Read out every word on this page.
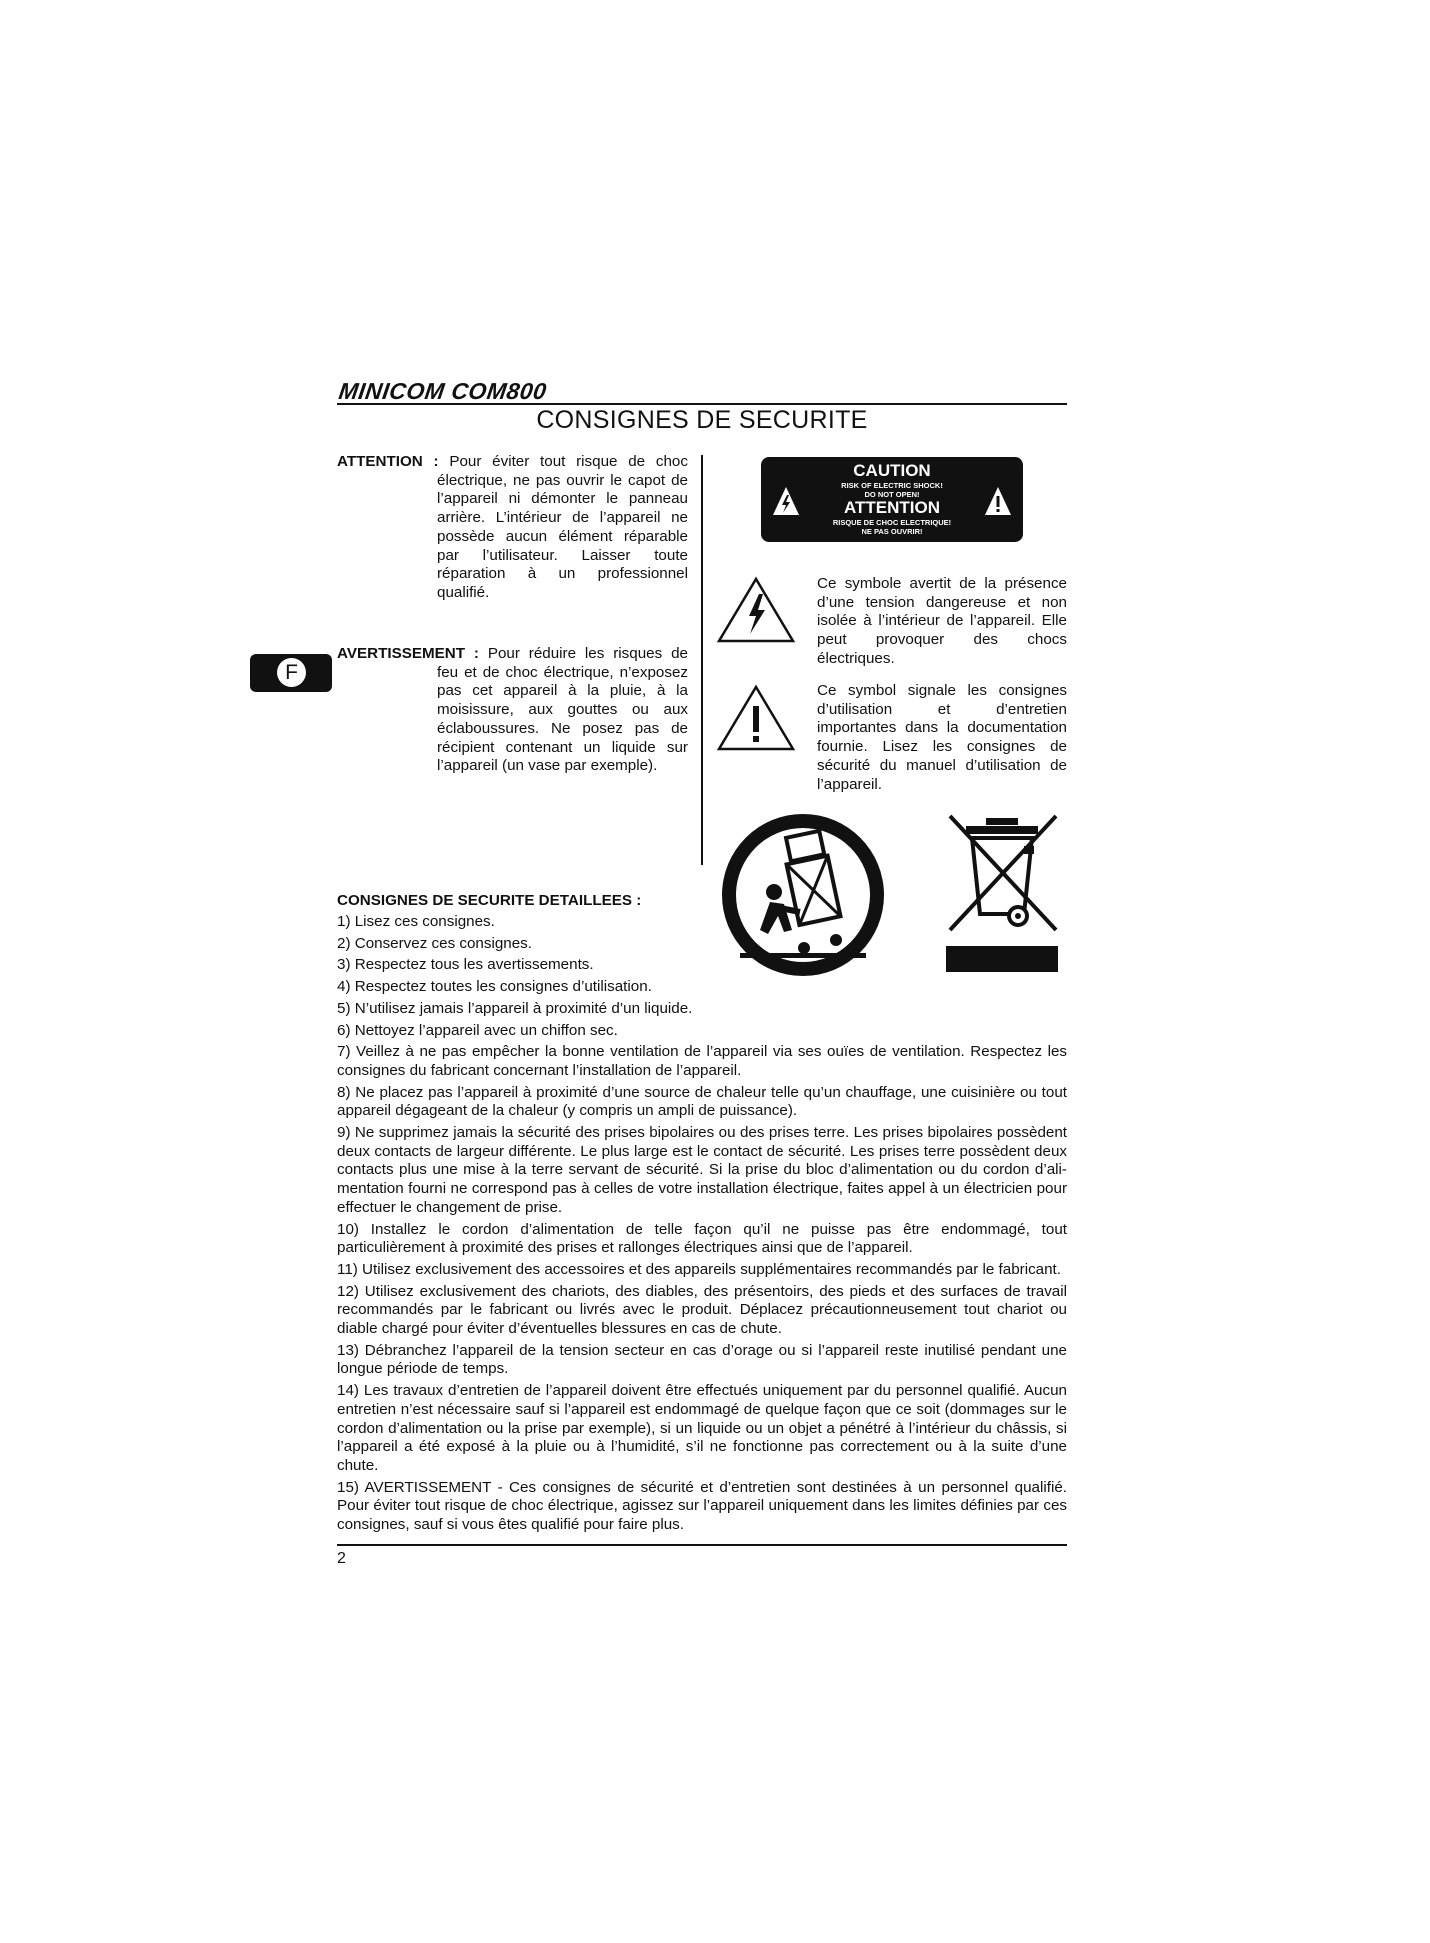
MINICOM COM800
CONSIGNES DE SECURITE
F
ATTENTION : Pour éviter tout risque de choc
électrique, ne pas ouvrir le capot de l’appareil ni démonter le panneau arrière. L’intérieur de l’appareil ne possède aucun élément réparable par l’utilisateur. Laisser toute réparation à un professionnel qualifié.
AVERTISSEMENT : Pour réduire les risques de
feu et de choc électrique, n’exposez pas cet appareil à la pluie, à la moisissure, aux gouttes ou aux éclaboussures. Ne posez pas de récipient contenant un liquide sur l’appareil (un vase par exemple).
CAUTION
RISK OF ELECTRIC SHOCK!
DO NOT OPEN!
ATTENTION
RISQUE DE CHOC ELECTRIQUE!
NE PAS OUVRIR!
Ce symbole avertit de la présence d’une tension dangereuse et non isolée à l’intérieur de l’appareil. Elle peut provoquer des chocs électriques.
Ce symbol signale les consignes d’utilisation et d’entretien importantes dans la documentation fournie. Lisez les consignes de sécurité du manuel d’utilisation de l’appareil.
CONSIGNES DE SECURITE DETAILLEES :
1) Lisez ces consignes.
2) Conservez ces consignes.
3) Respectez tous les avertissements.
4) Respectez toutes les consignes d’utilisation.
5) N’utilisez jamais l’appareil à proximité d’un liquide.
6) Nettoyez l’appareil avec un chiffon sec.
7) Veillez à ne pas empêcher la bonne ventilation de l’appareil via ses ouïes de ventilation. Respectez les consignes du fabricant concernant l’installation de l’appareil.
8) Ne placez pas l’appareil à proximité d’une source de chaleur telle qu’un chauffage, une cuisinière ou tout appareil dégageant de la chaleur (y compris un ampli de puissance).
9) Ne supprimez jamais la sécurité des prises bipolaires ou des prises terre. Les prises bipolaires possèdent deux contacts de largeur différente. Le plus large est le contact de sécurité. Les prises terre possèdent deux contacts plus une mise à la terre servant de sécurité. Si la prise du bloc d’alimentation ou du cordon d’ali-mentation fourni ne correspond pas à celles de votre installation électrique, faites appel à un électricien pour effectuer le changement de prise.
10) Installez le cordon d’alimentation de telle façon qu’il ne puisse pas être endommagé, tout particulièrement à proximité des prises et rallonges électriques ainsi que de l’appareil.
11) Utilisez exclusivement des accessoires et des appareils supplémentaires recommandés par le fabricant.
12) Utilisez exclusivement des chariots, des diables, des présentoirs, des pieds et des surfaces de travail recommandés par le fabricant ou livrés avec le produit. Déplacez précautionneusement tout chariot ou diable chargé pour éviter d’éventuelles blessures en cas de chute.
13) Débranchez l’appareil de la tension secteur en cas d’orage ou si l’appareil reste inutilisé pendant une longue période de temps.
14) Les travaux d’entretien de l’appareil doivent être effectués uniquement par du personnel qualifié. Aucun entretien n’est nécessaire sauf si l’appareil est endommagé de quelque façon que ce soit (dommages sur le cordon d’alimentation ou la prise par exemple), si un liquide ou un objet a pénétré à l’intérieur du châssis, si l’appareil a été exposé à la pluie ou à l’humidité, s’il ne fonctionne pas correctement ou à la suite d’une chute.
15) AVERTISSEMENT - Ces consignes de sécurité et d’entretien sont destinées à un personnel qualifié. Pour éviter tout risque de choc électrique, agissez sur l’appareil uniquement dans les limites définies par ces consignes, sauf si vous êtes qualifié pour faire plus.
2
